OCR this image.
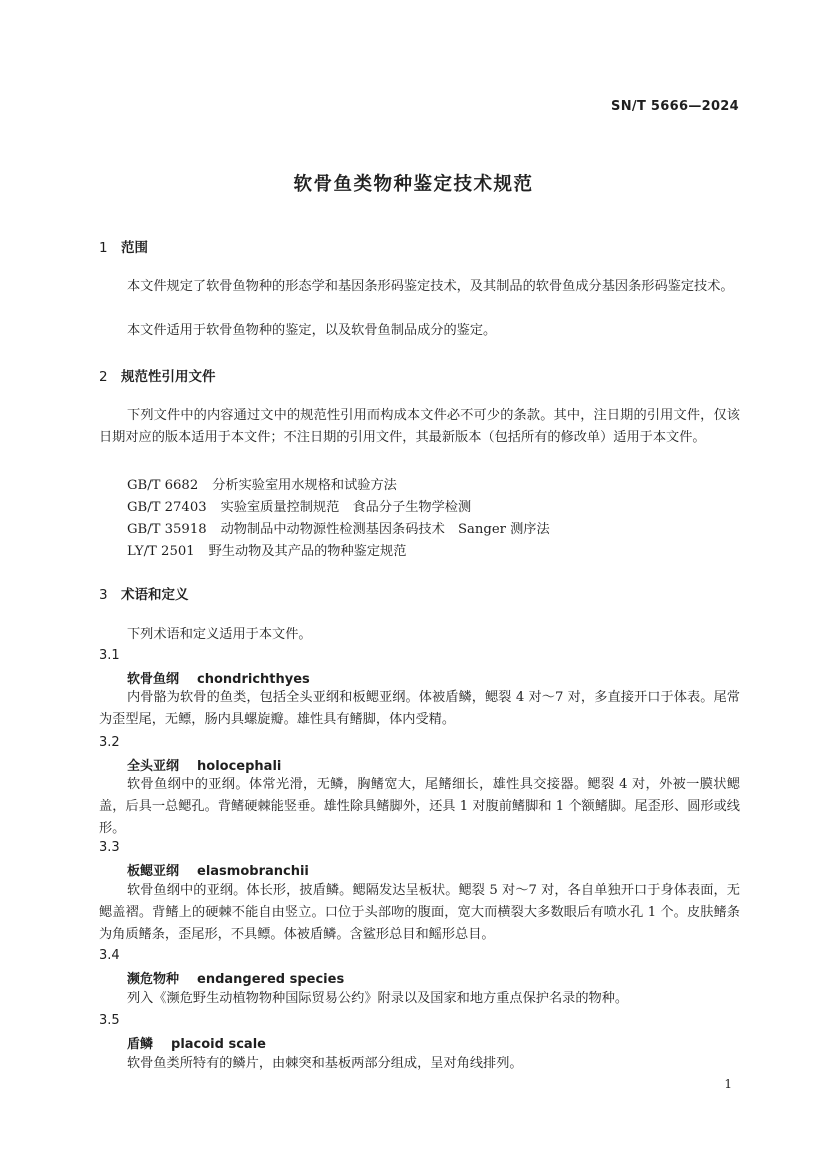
SN/T 5666—2024
软骨鱼类物种鉴定技术规范
1 范围
本文件规定了软骨鱼物种的形态学和基因条形码鉴定技术，及其制品的软骨鱼成分基因条形码鉴定技术。
本文件适用于软骨鱼物种的鉴定，以及软骨鱼制品成分的鉴定。
2 规范性引用文件
下列文件中的内容通过文中的规范性引用而构成本文件必不可少的条款。其中，注日期的引用文件，仅该日期对应的版本适用于本文件；不注日期的引用文件，其最新版本（包括所有的修改单）适用于本文件。
GB/T 6682 分析实验室用水规格和试验方法
GB/T 27403 实验室质量控制规范　食品分子生物学检测
GB/T 35918 动物制品中动物源性检测基因条码技术　Sanger 测序法
LY/T 2501 野生动物及其产品的物种鉴定规范
3 术语和定义
下列术语和定义适用于本文件。
3.1
软骨鱼纲 chondrichthyes
内骨骼为软骨的鱼类，包括全头亚纲和板鳃亚纲。体被盾鳞，鳃裂 4 对～7 对，多直接开口于体表。尾常为歪型尾，无鳔，肠内具螺旋瓣。雄性具有鳍脚，体内受精。
3.2
全头亚纲 holocephali
软骨鱼纲中的亚纲。体常光滑，无鳞，胸鳍宽大，尾鳍细长，雄性具交接器。鳃裂 4 对，外被一膜状鳃盖，后具一总鳃孔。背鳍硬棘能竖垂。雄性除具鳍脚外，还具 1 对腹前鳍脚和 1 个额鳍脚。尾歪形、圆形或线形。
3.3
板鳃亚纲 elasmobranchii
软骨鱼纲中的亚纲。体长形，披盾鳞。鳃隔发达呈板状。鳃裂 5 对～7 对，各自单独开口于身体表面，无鳃盖褶。背鳍上的硬棘不能自由竖立。口位于头部吻的腹面，宽大而横裂大多数眼后有喷水孔 1 个。皮肤鳍条为角质鳍条，歪尾形，不具鳔。体被盾鳞。含鲨形总目和鳐形总目。
3.4
濒危物种 endangered species
列入《濒危野生动植物物种国际贸易公约》附录以及国家和地方重点保护名录的物种。
3.5
盾鳞 placoid scale
软骨鱼类所特有的鳞片，由棘突和基板两部分组成，呈对角线排列。
1
